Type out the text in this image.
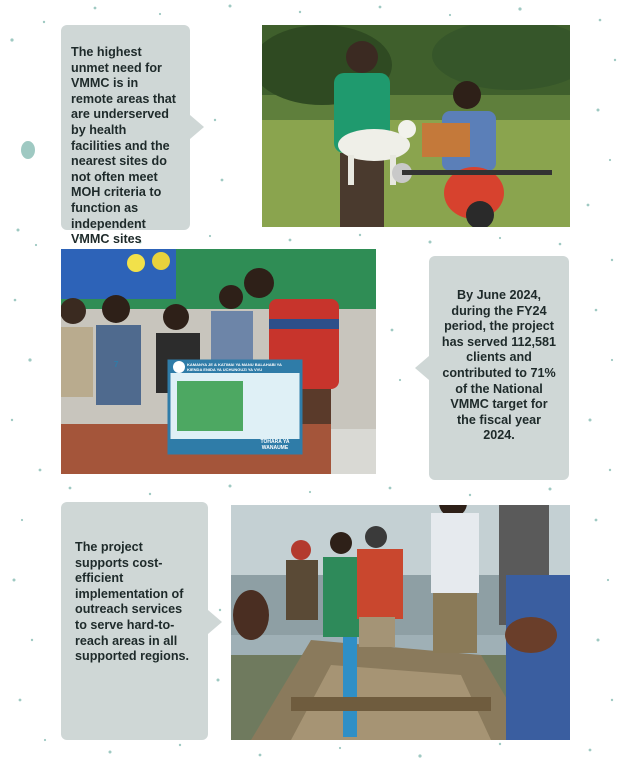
The highest unmet need for VMMC is in remote areas that are underserved by health facilities and the nearest sites do not often meet MOH criteria to function as independent VMMC sites

7	KAMANYA JE & KATIMAI YA MANU BALAHABI YA KIENDA ENIDA YA UCHUNGUZI YA VVU
TOHARA YA WANAUME

By June 2024, during the FY24 period, the project has served 112,581 clients and contributed to 71% of the National VMMC target for the fiscal year 2024.

The project supports cost-efficient implementation of outreach services to serve hard-to-reach areas in all supported regions.
